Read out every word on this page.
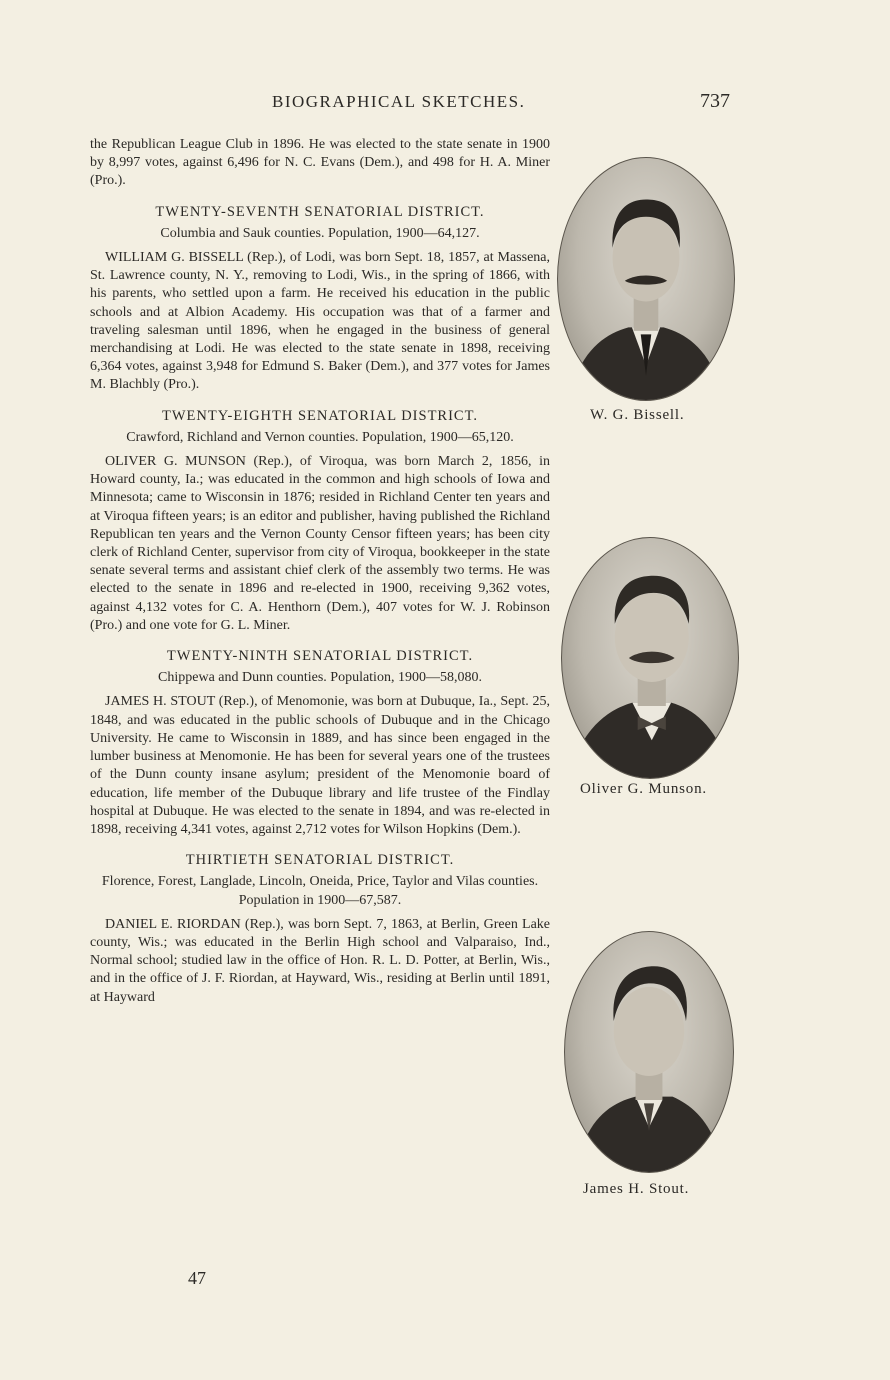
BIOGRAPHICAL SKETCHES.	737

the Republican League Club in 1896. He was elected to the state senate in 1900 by 8,997 votes, against 6,496 for N. C. Evans (Dem.), and 498 for H. A. Miner (Pro.).

TWENTY-SEVENTH SENATORIAL DISTRICT.

Columbia and Sauk counties. Population, 1900—64,127.

WILLIAM G. BISSELL (Rep.), of Lodi, was born Sept. 18, 1857, at Massena, St. Lawrence county, N. Y., removing to Lodi, Wis., in the spring of 1866, with his parents, who settled upon a farm. He received his education in the public schools and at Albion Academy. His occupation was that of a farmer and traveling salesman until 1896, when he engaged in the business of general merchandising at Lodi. He was elected to the state senate in 1898, receiving 6,364 votes, against 3,948 for Edmund S. Baker (Dem.), and 377 votes for James M. Blachbly (Pro.).

TWENTY-EIGHTH SENATORIAL DISTRICT.

Crawford, Richland and Vernon counties. Population, 1900—65,120.

OLIVER G. MUNSON (Rep.), of Viroqua, was born March 2, 1856, in Howard county, Ia.; was educated in the common and high schools of Iowa and Minnesota; came to Wisconsin in 1876; resided in Richland Center ten years and at Viroqua fifteen years; is an editor and publisher, having published the Richland Republican ten years and the Vernon County Censor fifteen years; has been city clerk of Richland Center, supervisor from city of Viroqua, bookkeeper in the state senate several terms and assistant chief clerk of the assembly two terms. He was elected to the senate in 1896 and re-elected in 1900, receiving 9,362 votes, against 4,132 votes for C. A. Henthorn (Dem.), 407 votes for W. J. Robinson (Pro.) and one vote for G. L. Miner.

TWENTY-NINTH SENATORIAL DISTRICT.

Chippewa and Dunn counties. Population, 1900—58,080.

JAMES H. STOUT (Rep.), of Menomonie, was born at Dubuque, Ia., Sept. 25, 1848, and was educated in the public schools of Dubuque and in the Chicago University. He came to Wisconsin in 1889, and has since been engaged in the lumber business at Menomonie. He has been for several years one of the trustees of the Dunn county insane asylum; president of the Menomonie board of education, life member of the Dubuque library and life trustee of the Findlay hospital at Dubuque. He was elected to the senate in 1894, and was re-elected in 1898, receiving 4,341 votes, against 2,712 votes for Wilson Hopkins (Dem.).

THIRTIETH SENATORIAL DISTRICT.

Florence, Forest, Langlade, Lincoln, Oneida, Price, Taylor and Vilas counties. Population in 1900—67,587.

DANIEL E. RIORDAN (Rep.), was born Sept. 7, 1863, at Berlin, Green Lake county, Wis.; was educated in the Berlin High school and Valparaiso, Ind., Normal school; studied law in the office of Hon. R. L. D. Potter, at Berlin, Wis., and in the office of J. F. Riordan, at Hayward, Wis., residing at Berlin until 1891, at Hayward

47
W. G. Bissell.
Oliver G. Munson.
James H. Stout.
